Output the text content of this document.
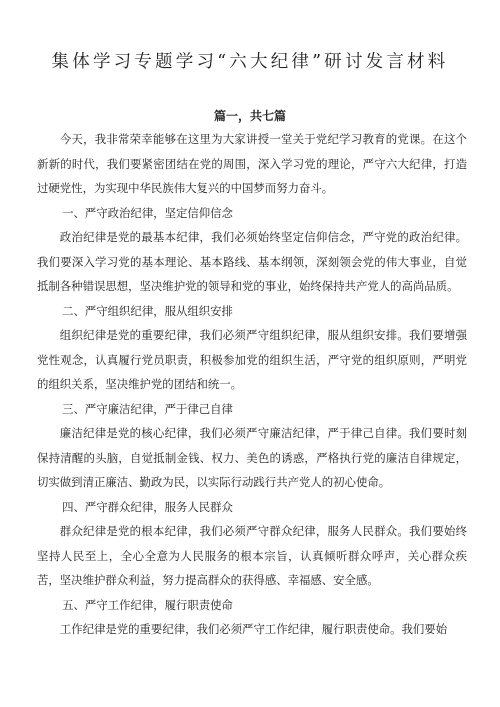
集体学习专题学习“六大纪律”研讨发言材料
篇一，共七篇

今天，我非常荣幸能够在这里为大家讲授一堂关于党纪学习教育的党课。在这个新新的时代，我们要紧密团结在党的周围，深入学习党的理论，严守六大纪律，打造过硬党性，为实现中华民族伟大复兴的中国梦而努力奋斗。

一、严守政治纪律，坚定信仰信念

政治纪律是党的最基本纪律，我们必须始终坚定信仰信念，严守党的政治纪律。我们要深入学习党的基本理论、基本路线、基本纲领，深刻领会党的伟大事业，自觉抵制各种错误思想，坚决维护党的领导和党的事业，始终保持共产党人的高尚品质。

二、严守组织纪律，服从组织安排

组织纪律是党的重要纪律，我们必须严守组织纪律，服从组织安排。我们要增强党性观念，认真履行党员职责，积极参加党的组织生活，严守党的组织原则，严明党的组织关系，坚决维护党的团结和统一。

三、严守廉洁纪律，严于律己自律

廉洁纪律是党的核心纪律，我们必须严守廉洁纪律，严于律己自律。我们要时刻保持清醒的头脑，自觉抵制金钱、权力、美色的诱惑，严格执行党的廉洁自律规定，切实做到清正廉洁、勤政为民，以实际行动践行共产党人的初心使命。

四、严守群众纪律，服务人民群众

群众纪律是党的根本纪律，我们必须严守群众纪律，服务人民群众。我们要始终坚持人民至上，全心全意为人民服务的根本宗旨，认真倾听群众呼声，关心群众疾苦，坚决维护群众利益，努力提高群众的获得感、幸福感、安全感。

五、严守工作纪律，履行职责使命

工作纪律是党的重要纪律，我们必须严守工作纪律，履行职责使命。我们要始
